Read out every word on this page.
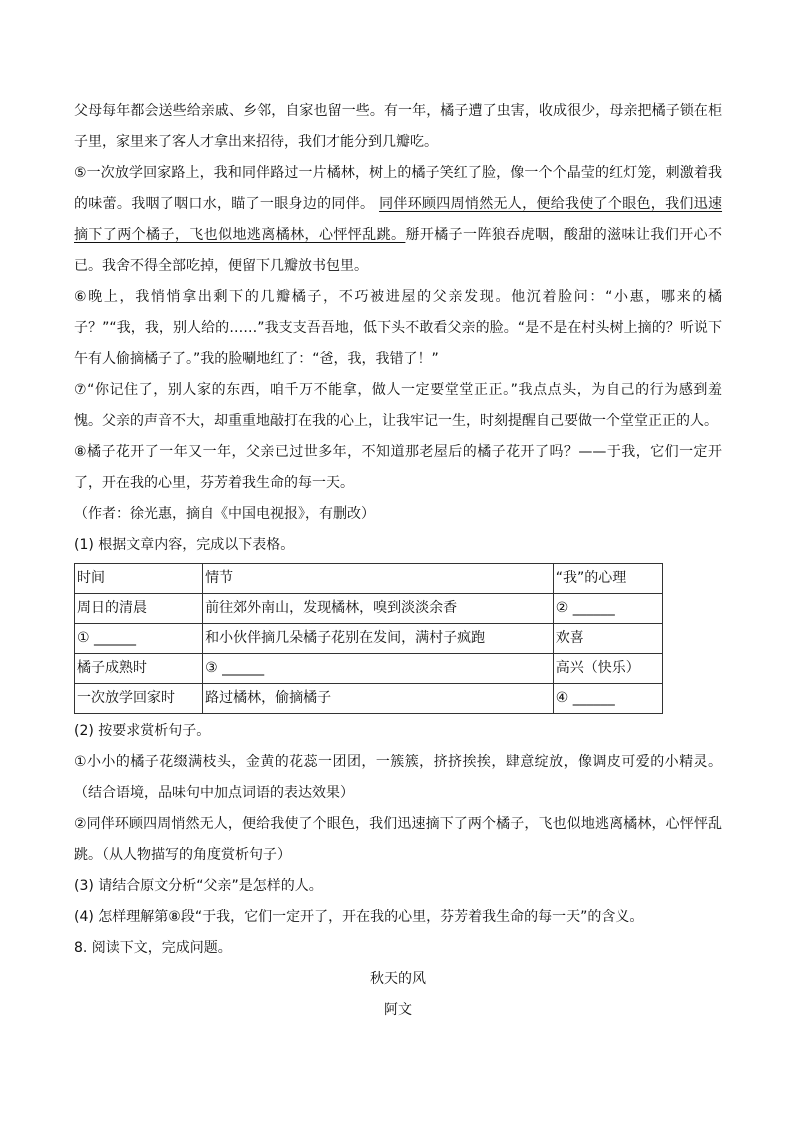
父母每年都会送些给亲戚、乡邻，自家也留一些。有一年，橘子遭了虫害，收成很少，母亲把橘子锁在柜子里，家里来了客人才拿出来招待，我们才能分到几瓣吃。

⑤一次放学回家路上，我和同伴路过一片橘林，树上的橘子笑红了脸，像一个个晶莹的红灯笼，刺激着我的味蕾。我咽了咽口水，瞄了一眼身边的同伴。 同伴环顾四周悄然无人，便给我使了个眼色，我们迅速摘下了两个橘子，飞也似地逃离橘林，心怦怦乱跳。掰开橘子一阵狼吞虎咽，酸甜的滋味让我们开心不已。我舍不得全部吃掉，便留下几瓣放书包里。

⑥晚上，我悄悄拿出剩下的几瓣橘子，不巧被进屋的父亲发现。他沉着脸问：“小惠，哪来的橘子？”“我，我，别人给的……”我支支吾吾地，低下头不敢看父亲的脸。“是不是在村头树上摘的？听说下午有人偷摘橘子了。”我的脸唰地红了：“爸，我，我错了！”

⑦“你记住了，别人家的东西，咱千万不能拿，做人一定要堂堂正正。”我点点头，为自己的行为感到羞愧。父亲的声音不大，却重重地敲打在我的心上，让我牢记一生，时刻提醒自己要做一个堂堂正正的人。

⑧橘子花开了一年又一年，父亲已过世多年，不知道那老屋后的橘子花开了吗？——于我，它们一定开了，开在我的心里，芬芳着我生命的每一天。

（作者：徐光惠，摘自《中国电视报》，有删改）

(1) 根据文章内容，完成以下表格。

时间	情节	“我”的心理
周日的清晨	前往郊外南山，发现橘林，嗅到淡淡余香	② ______
① ______	和小伙伴摘几朵橘子花别在发间，满村子疯跑	欢喜
橘子成熟时	③ ______	高兴（快乐）
一次放学回家时	路过橘林，偷摘橘子	④ ______

(2) 按要求赏析句子。

①小小的橘子花缀满枝头，金黄的花蕊一团团，一簇簇，挤挤挨挨，肆意绽放，像调皮可爱的小精灵。（结合语境，品味句中加点词语的表达效果）

②同伴环顾四周悄然无人，便给我使了个眼色，我们迅速摘下了两个橘子，飞也似地逃离橘林，心怦怦乱跳。（从人物描写的角度赏析句子）

(3) 请结合原文分析“父亲”是怎样的人。

(4) 怎样理解第⑧段“于我，它们一定开了，开在我的心里，芬芳着我生命的每一天”的含义。

8. 阅读下文，完成问题。

秋天的风

阿文
